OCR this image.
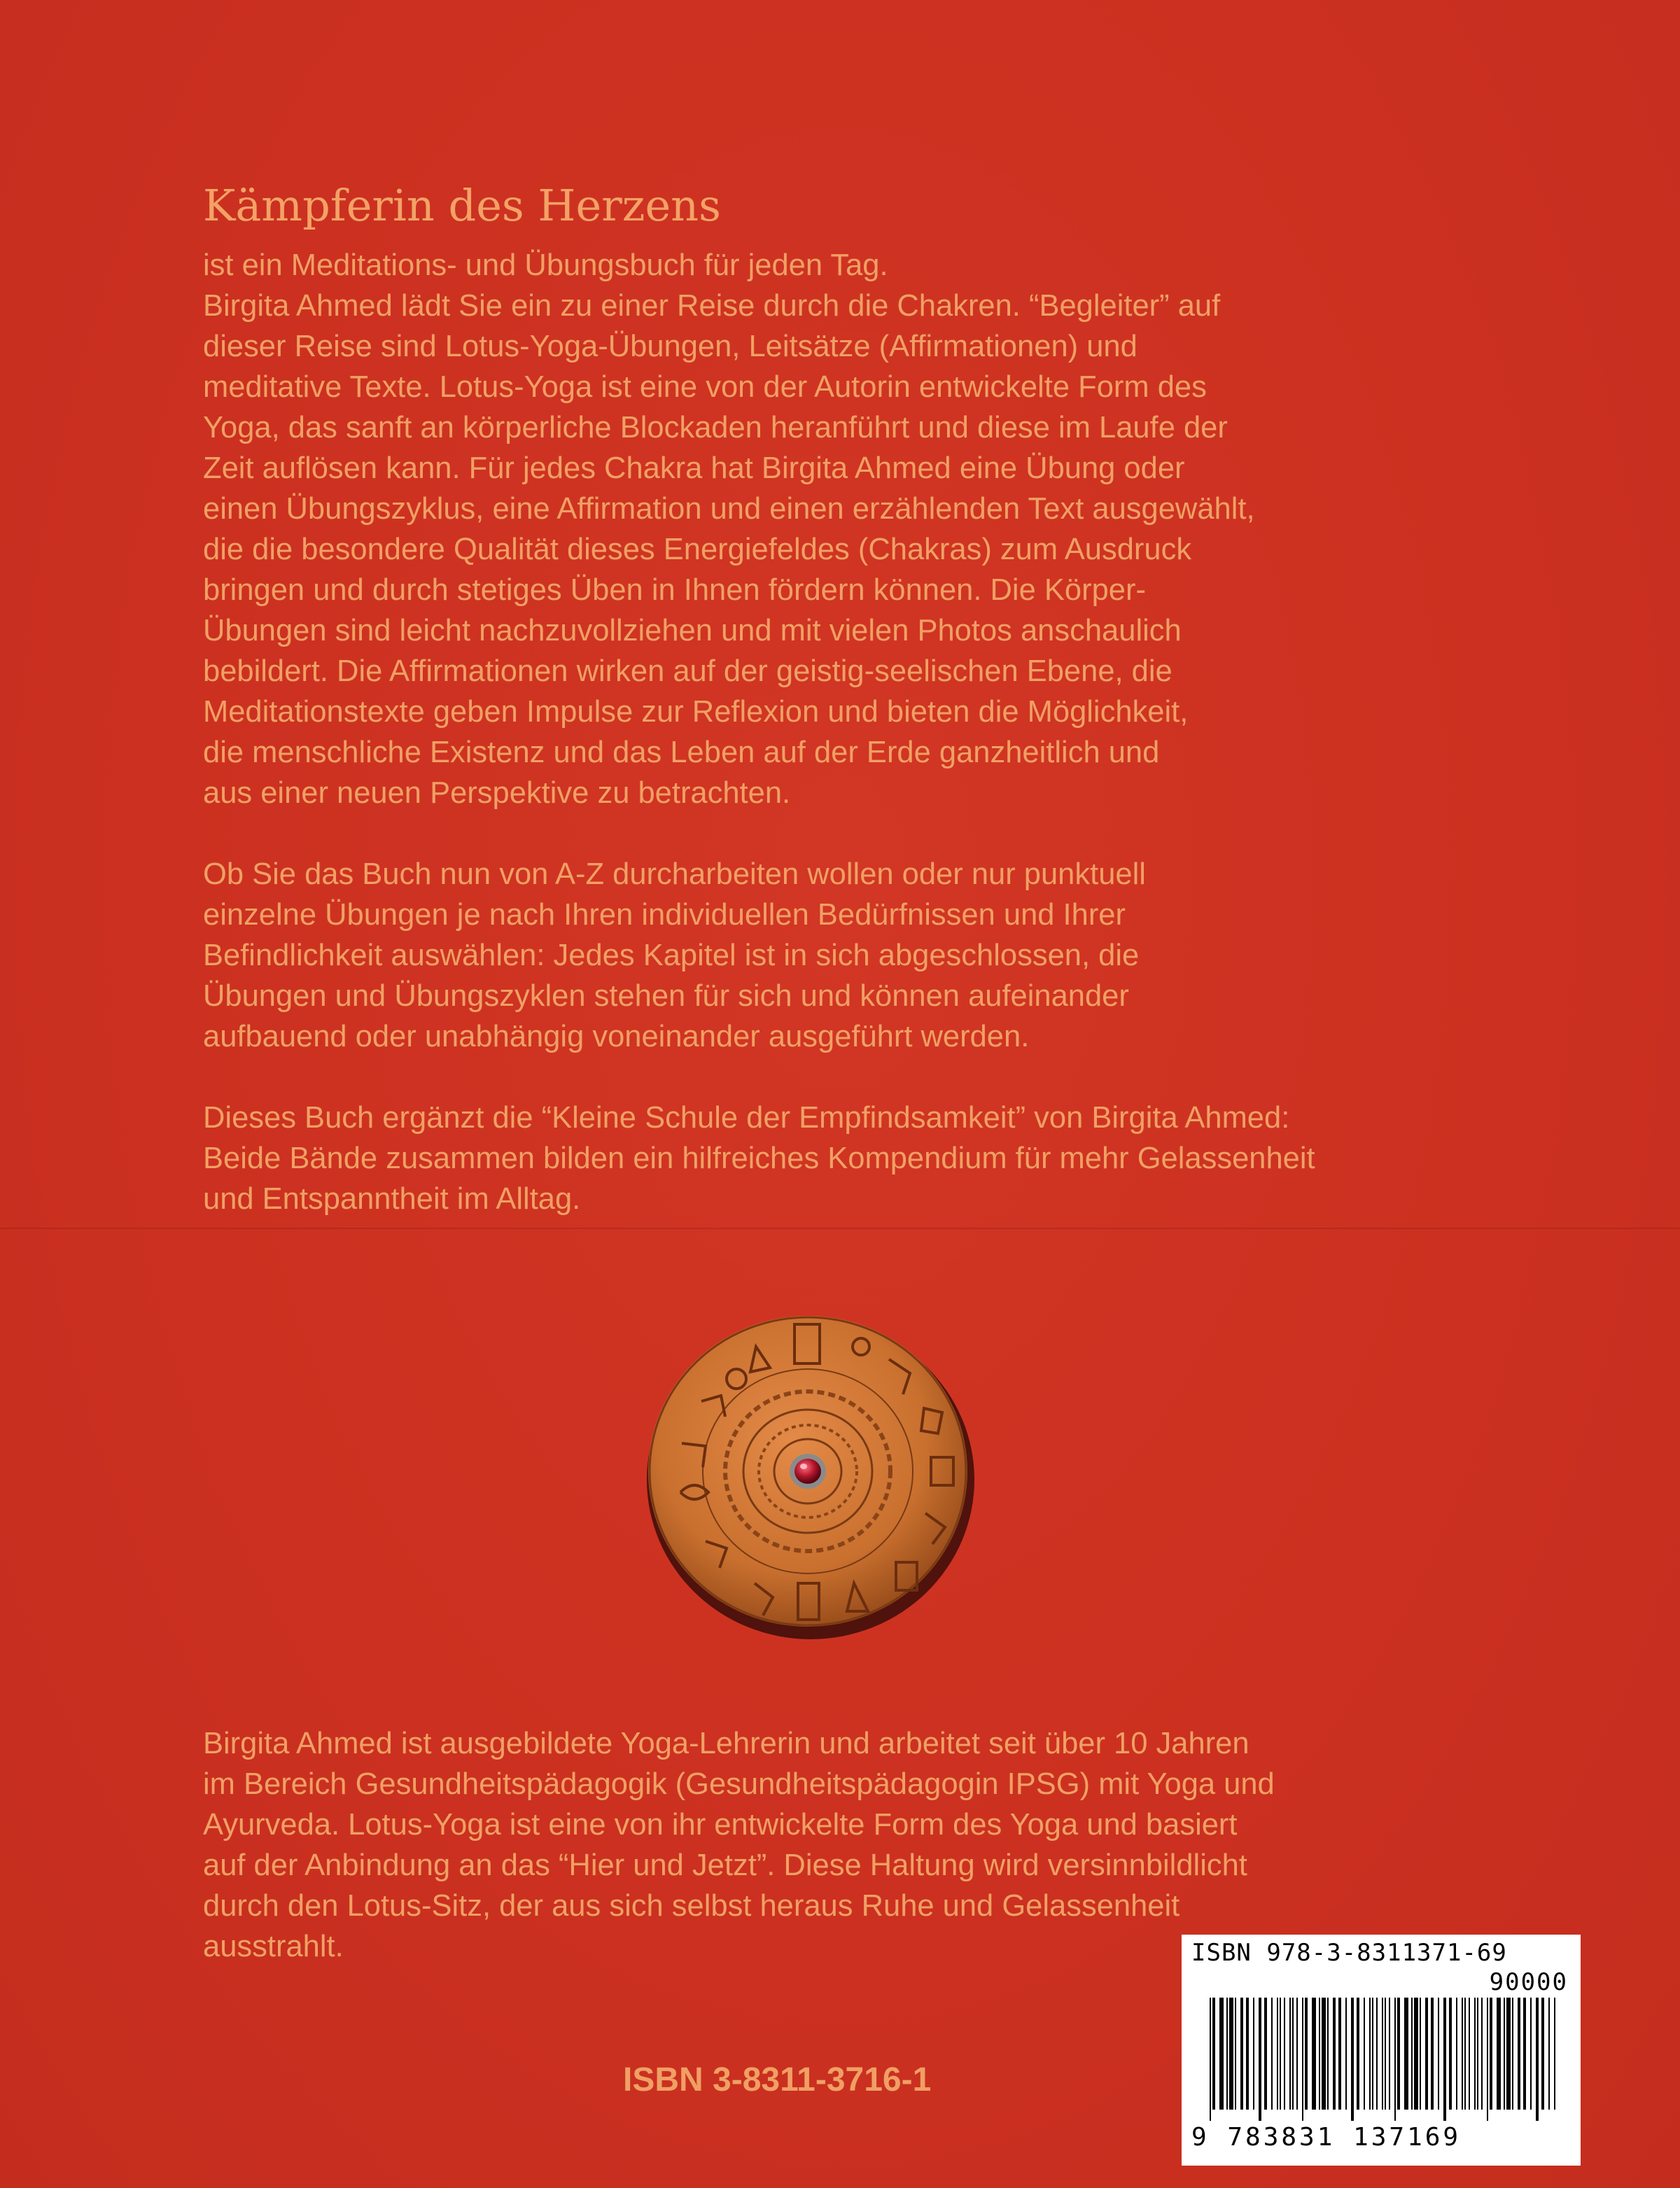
Kämpferin des Herzens
ist ein Meditations- und Übungsbuch für jeden Tag.
Birgita Ahmed lädt Sie ein zu einer Reise durch die Chakren. “Begleiter” auf
dieser Reise sind Lotus-Yoga-Übungen, Leitsätze (Affirmationen) und
meditative Texte. Lotus-Yoga ist eine von der Autorin entwickelte Form des
Yoga, das sanft an körperliche Blockaden heranführt und diese im Laufe der
Zeit auflösen kann. Für jedes Chakra hat Birgita Ahmed eine Übung oder
einen Übungszyklus, eine Affirmation und einen erzählenden Text ausgewählt,
die die besondere Qualität dieses Energiefeldes (Chakras) zum Ausdruck
bringen und durch stetiges Üben in Ihnen fördern können. Die Körper-
Übungen sind leicht nachzuvollziehen und mit vielen Photos anschaulich
bebildert. Die Affirmationen wirken auf der geistig-seelischen Ebene, die
Meditationstexte geben Impulse zur Reflexion und bieten die Möglichkeit,
die menschliche Existenz und das Leben auf der Erde ganzheitlich und
aus einer neuen Perspektive zu betrachten.
Ob Sie das Buch nun von A-Z durcharbeiten wollen oder nur punktuell
einzelne Übungen je nach Ihren individuellen Bedürfnissen und Ihrer
Befindlichkeit auswählen: Jedes Kapitel ist in sich abgeschlossen, die
Übungen und Übungszyklen stehen für sich und können aufeinander
aufbauend oder unabhängig voneinander ausgeführt werden.
Dieses Buch ergänzt die “Kleine Schule der Empfindsamkeit” von Birgita Ahmed:
Beide Bände zusammen bilden ein hilfreiches Kompendium für mehr Gelassenheit
und Entspanntheit im Alltag.
Birgita Ahmed ist ausgebildete Yoga-Lehrerin und arbeitet seit über 10 Jahren
im Bereich Gesundheitspädagogik (Gesundheitspädagogin IPSG) mit Yoga und
Ayurveda. Lotus-Yoga ist eine von ihr entwickelte Form des Yoga und basiert
auf der Anbindung an das “Hier und Jetzt”. Diese Haltung wird versinnbildlicht
durch den Lotus-Sitz, der aus sich selbst heraus Ruhe und Gelassenheit
ausstrahlt.

ISBN 3-8311-3716-1

ISBN 978-3-8311371-69
90000
9 783831 137169
